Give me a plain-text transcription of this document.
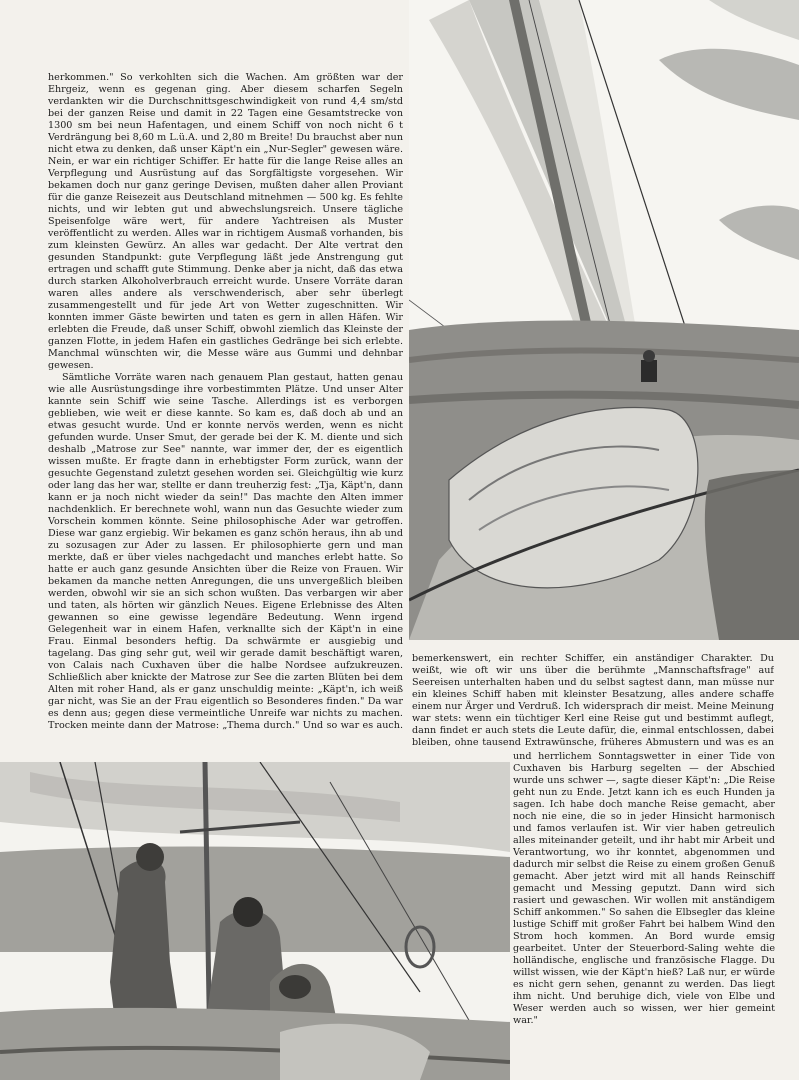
herkommen." So verkohlten sich die Wachen. Am größten war der Ehrgeiz, wenn es gegenan ging. Aber diesem scharfen Segeln verdankten wir die Durchschnittsgeschwindigkeit von rund 4,4 sm/std bei der ganzen Reise und damit in 22 Tagen eine Gesamtstrecke von 1300 sm bei neun Hafentagen, und einem Schiff von noch nicht 6 t Verdrängung bei 8,60 m L.ü.A. und 2,80 m Breite! Du brauchst aber nun nicht etwa zu denken, daß unser Käpt'n ein „Nur-Segler" gewesen wäre. Nein, er war ein richtiger Schiffer. Er hatte für die lange Reise alles an Verpflegung und Ausrüstung auf das Sorgfältigste vorgesehen. Wir bekamen doch nur ganz geringe Devisen, mußten daher allen Proviant für die ganze Reisezeit aus Deutschland mitnehmen — 500 kg. Es fehlte nichts, und wir lebten gut und abwechslungsreich. Unsere tägliche Speisenfolge wäre wert, für andere Yachtreisen als Muster veröffentlicht zu werden. Alles war in richtigem Ausmaß vorhanden, bis zum kleinsten Gewürz. An alles war gedacht. Der Alte vertrat den gesunden Standpunkt: gute Verpflegung läßt jede Anstrengung gut ertragen und schafft gute Stimmung. Denke aber ja nicht, daß das etwa durch starken Alkoholverbrauch erreicht wurde. Unsere Vorräte daran waren alles andere als verschwenderisch, aber sehr überlegt zusammengestellt und für jede Art von Wetter zugeschnitten. Wir konnten immer Gäste bewirten und taten es gern in allen Häfen. Wir erlebten die Freude, daß unser Schiff, obwohl ziemlich das Kleinste der ganzen Flotte, in jedem Hafen ein gastliches Gedränge bei sich erlebte. Manchmal wünschten wir, die Messe wäre aus Gummi und dehnbar gewesen.

Sämtliche Vorräte waren nach genauem Plan gestaut, hatten genau wie alle Ausrüstungsdinge ihre vorbestimmten Plätze. Und unser Alter kannte sein Schiff wie seine Tasche. Allerdings ist es verborgen geblieben, wie weit er diese kannte. So kam es, daß doch ab und an etwas gesucht wurde. Und er konnte nervös werden, wenn es nicht gefunden wurde. Unser Smut, der gerade bei der K. M. diente und sich deshalb „Matrose zur See" nannte, war immer der, der es eigentlich wissen mußte. Er fragte dann in erhebtigster Form zurück, wann der gesuchte Gegenstand zuletzt gesehen worden sei. Gleichgültig wie kurz oder lang das her war, stellte er dann treuherzig fest: „Tja, Käpt'n, dann kann er ja noch nicht wieder da sein!" Das machte den Alten immer nachdenklich. Er berechnete wohl, wann nun das Gesuchte wieder zum Vorschein kommen könnte. Seine philosophische Ader war getroffen. Diese war ganz ergiebig. Wir bekamen es ganz schön heraus, ihn ab und zu sozusagen zur Ader zu lassen. Er philosophierte gern und man merkte, daß er über vieles nachgedacht und manches erlebt hatte. So hatte er auch ganz gesunde Ansichten über die Reize von Frauen. Wir bekamen da manche netten Anregungen, die uns unvergeßlich bleiben werden, obwohl wir sie an sich schon wußten. Das verbargen wir aber und taten, als hörten wir gänzlich Neues. Eigene Erlebnisse des Alten gewannen so eine gewisse legendäre Bedeutung. Wenn irgend Gelegenheit war in einem Hafen, verknallte sich der Käpt'n in eine Frau. Einmal besonders heftig. Da schwärmte er ausgiebig und tagelang. Das ging sehr gut, weil wir gerade damit beschäftigt waren, von Calais nach Cuxhaven über die halbe Nordsee aufzukreuzen. Schließlich aber knickte der Matrose zur See die zarten Blüten bei dem Alten mit roher Hand, als er ganz unschuldig meinte: „Käpt'n, ich weiß gar nicht, was Sie an der Frau eigentlich so Besonderes finden." Da war es denn aus; gegen diese vermeintliche Unreife war nichts zu machen. Trocken meinte dann der Matrose: „Thema durch." Und so war es auch.

bemerkenswert, ein rechter Schiffer, ein anständiger Charakter. Du weißt, wie oft wir uns über die berühmte „Mannschaftsfrage" auf Seereisen unterhalten haben und du selbst sagtest dann, man müsse nur ein kleines Schiff haben mit kleinster Besatzung, alles andere schaffe einem nur Ärger und Verdruß. Ich widersprach dir meist. Meine Meinung war stets: wenn ein tüchtiger Kerl eine Reise gut und bestimmt auflegt, dann findet er auch stets die Leute dafür, die, einmal entschlossen, dabei bleiben, ohne tausend Extrawünsche, früheres Abmustern und was es an

und herrlichem Sonntagswetter in einer Tide von Cuxhaven bis Harburg segelten — der Abschied wurde uns schwer —, sagte dieser Käpt'n: „Die Reise geht nun zu Ende. Jetzt kann ich es euch Hunden ja sagen. Ich habe doch manche Reise gemacht, aber noch nie eine, die so in jeder Hinsicht harmonisch und famos verlaufen ist. Wir vier haben getreulich alles miteinander geteilt, und ihr habt mir Arbeit und Verantwortung, wo ihr konntet, abgenommen und dadurch mir selbst die Reise zu einem großen Genuß gemacht. Aber jetzt wird mit all hands Reinschiff gemacht und Messing geputzt. Dann wird sich rasiert und gewaschen. Wir wollen mit anständigem Schiff ankommen." So sahen die Elbsegler das kleine lustige Schiff mit großer Fahrt bei halbem Wind den Strom hoch kommen. An Bord wurde emsig gearbeitet. Unter der Steuerbord-Saling wehte die holländische, englische und französische Flagge. Du willst wissen, wie der Käpt'n hieß? Laß nur, er würde es nicht gern sehen, genannt zu werden. Das liegt ihm nicht. Und beruhige dich, viele von Elbe und Weser werden auch so wissen, wer hier gemeint war."
